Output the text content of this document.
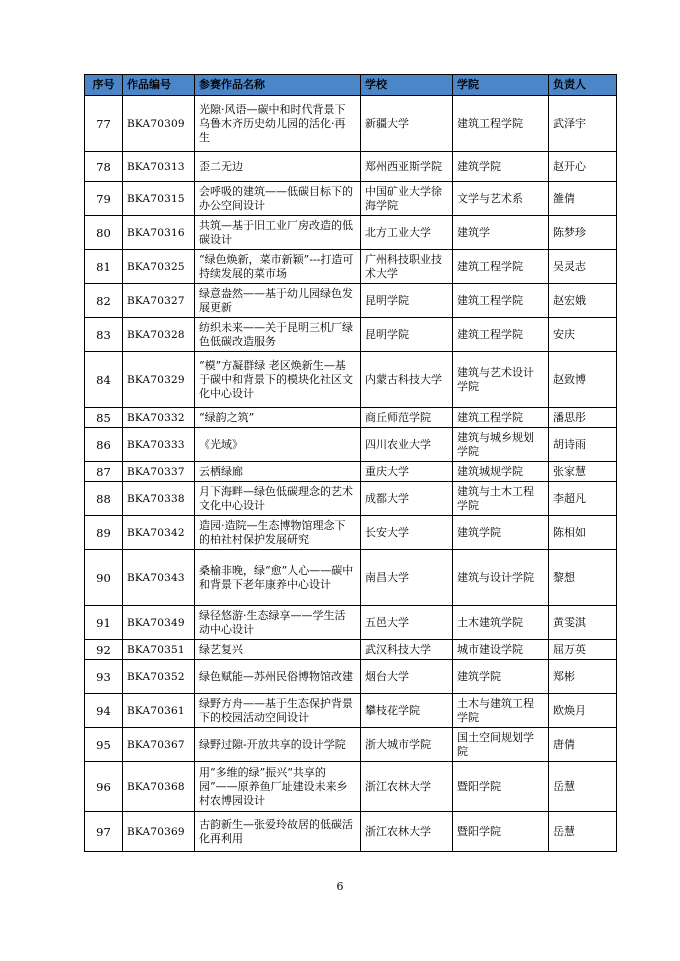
序号	作品编号	参赛作品名称	学校	学院	负责人
77	BKA70309	光隙·风语—碳中和时代背景下乌鲁木齐历史幼儿园的活化·再生	新疆大学	建筑工程学院	武泽宇
78	BKA70313	歪二无边	郑州西亚斯学院	建筑学院	赵开心
79	BKA70315	会呼吸的建筑——低碳目标下的办公空间设计	中国矿业大学徐海学院	文学与艺术系	雒倩
80	BKA70316	共筑—基于旧工业厂房改造的低碳设计	北方工业大学	建筑学	陈梦珍
81	BKA70325	“绿色焕新，菜市新颖”---打造可持续发展的菜市场	广州科技职业技术大学	建筑工程学院	吴灵志
82	BKA70327	绿意盎然——基于幼儿园绿色发展更新	昆明学院	建筑工程学院	赵宏娥
83	BKA70328	纺织未来——关于昆明三机厂绿色低碳改造服务	昆明学院	建筑工程学院	安庆
84	BKA70329	“模”方凝群绿 老区焕新生—基于碳中和背景下的模块化社区文化中心设计	内蒙古科技大学	建筑与艺术设计学院	赵致博
85	BKA70332	“绿韵之筑”	商丘师范学院	建筑工程学院	潘思彤
86	BKA70333	《光域》	四川农业大学	建筑与城乡规划学院	胡诗雨
87	BKA70337	云栖绿廊	重庆大学	建筑城规学院	张家慧
88	BKA70338	月下海畔—绿色低碳理念的艺术文化中心设计	成都大学	建筑与土木工程学院	李超凡
89	BKA70342	造园·造院—生态博物馆理念下的柏社村保护发展研究	长安大学	建筑学院	陈相如
90	BKA70343	桑榆非晚，绿“愈”人心——碳中和背景下老年康养中心设计	南昌大学	建筑与设计学院	黎想
91	BKA70349	绿径悠游·生态绿享——学生活动中心设计	五邑大学	土木建筑学院	黄雯淇
92	BKA70351	绿艺复兴	武汉科技大学	城市建设学院	屈万英
93	BKA70352	绿色赋能—苏州民俗博物馆改建	烟台大学	建筑学院	郑彬
94	BKA70361	绿野方舟——基于生态保护背景下的校园活动空间设计	攀枝花学院	土木与建筑工程学院	欧焕月
95	BKA70367	绿野过隙-开放共享的设计学院	浙大城市学院	国土空间规划学院	唐倩
96	BKA70368	用“多维的绿”振兴“共享的园”——原养鱼厂址建设未来乡村农博园设计	浙江农林大学	暨阳学院	岳慧
97	BKA70369	古韵新生—张爱玲故居的低碳活化再利用	浙江农林大学	暨阳学院	岳慧
6
